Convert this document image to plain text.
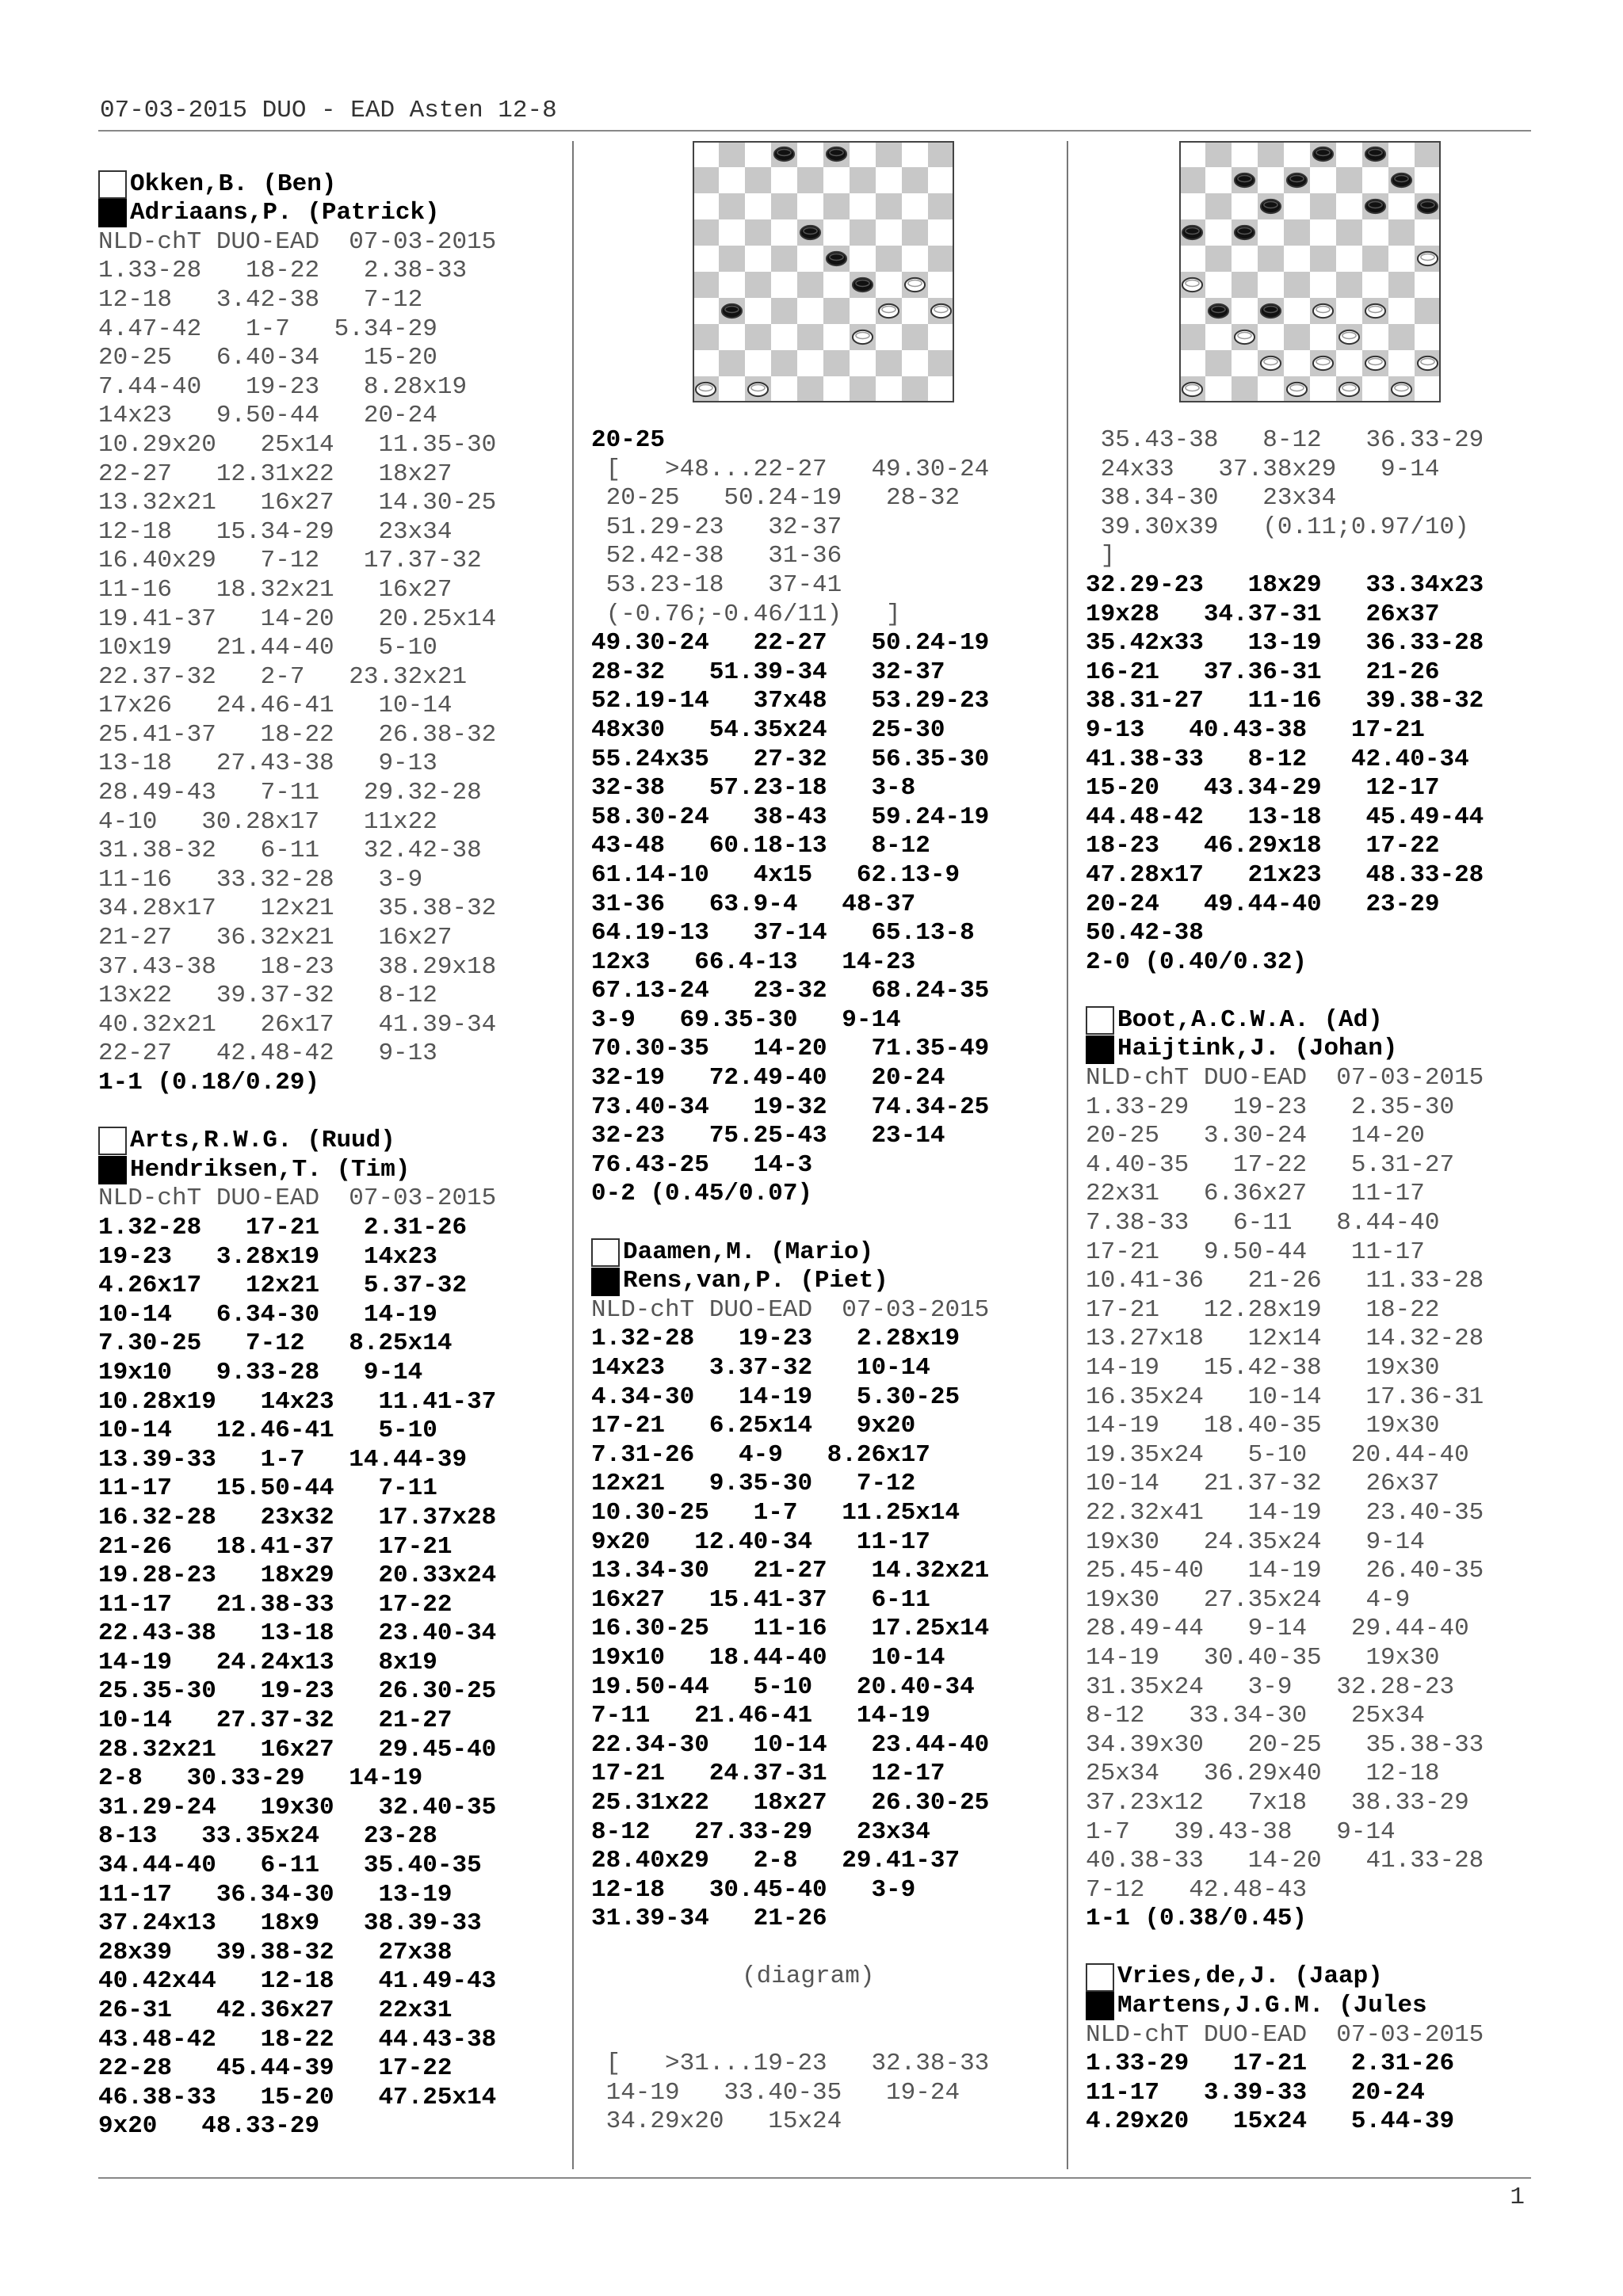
07-03-2015 DUO - EAD Asten 12-8
Okken,B. (Ben)
Adriaans,P. (Patrick)
NLD-chT DUO-EAD  07-03-2015
1.33-28   18-22   2.38-33
12-18   3.42-38   7-12
4.47-42   1-7   5.34-29
20-25   6.40-34   15-20
7.44-40   19-23   8.28x19
14x23   9.50-44   20-24
10.29x20   25x14   11.35-30
22-27   12.31x22   18x27
13.32x21   16x27   14.30-25
12-18   15.34-29   23x34
16.40x29   7-12   17.37-32
11-16   18.32x21   16x27
19.41-37   14-20   20.25x14
10x19   21.44-40   5-10
22.37-32   2-7   23.32x21
17x26   24.46-41   10-14
25.41-37   18-22   26.38-32
13-18   27.43-38   9-13
28.49-43   7-11   29.32-28
4-10   30.28x17   11x22
31.38-32   6-11   32.42-38
11-16   33.32-28   3-9
34.28x17   12x21   35.38-32
21-27   36.32x21   16x27
37.43-38   18-23   38.29x18
13x22   39.37-32   8-12
40.32x21   26x17   41.39-34
22-27   42.48-42   9-13
1-1 (0.18/0.29)
Arts,R.W.G. (Ruud)
Hendriksen,T. (Tim)
NLD-chT DUO-EAD  07-03-2015
1.32-28   17-21   2.31-26
19-23   3.28x19   14x23
4.26x17   12x21   5.37-32
10-14   6.34-30   14-19
7.30-25   7-12   8.25x14
19x10   9.33-28   9-14
10.28x19   14x23   11.41-37
10-14   12.46-41   5-10
13.39-33   1-7   14.44-39
11-17   15.50-44   7-11
16.32-28   23x32   17.37x28
21-26   18.41-37   17-21
19.28-23   18x29   20.33x24
11-17   21.38-33   17-22
22.43-38   13-18   23.40-34
14-19   24.24x13   8x19
25.35-30   19-23   26.30-25
10-14   27.37-32   21-27
28.32x21   16x27   29.45-40
2-8   30.33-29   14-19
31.29-24   19x30   32.40-35
8-13   33.35x24   23-28
34.44-40   6-11   35.40-35
11-17   36.34-30   13-19
37.24x13   18x9   38.39-33
28x39   39.38-32   27x38
40.42x44   12-18   41.49-43
26-31   42.36x27   22x31
43.48-42   18-22   44.43-38
22-28   45.44-39   17-22
46.38-33   15-20   47.25x14
9x20   48.33-29
20-25
[   >48...22-27   49.30-24
20-25   50.24-19   28-32
51.29-23   32-37
52.42-38   31-36
53.23-18   37-41
(-0.76;-0.46/11)   ]
49.30-24   22-27   50.24-19
28-32   51.39-34   32-37
52.19-14   37x48   53.29-23
48x30   54.35x24   25-30
55.24x35   27-32   56.35-30
32-38   57.23-18   3-8
58.30-24   38-43   59.24-19
43-48   60.18-13   8-12
61.14-10   4x15   62.13-9
31-36   63.9-4   48-37
64.19-13   37-14   65.13-8
12x3   66.4-13   14-23
67.13-24   23-32   68.24-35
3-9   69.35-30   9-14
70.30-35   14-20   71.35-49
32-19   72.49-40   20-24
73.40-34   19-32   74.34-25
32-23   75.25-43   23-14
76.43-25   14-3
0-2 (0.45/0.07)
Daamen,M. (Mario)
Rens,van,P. (Piet)
NLD-chT DUO-EAD  07-03-2015
1.32-28   19-23   2.28x19
14x23   3.37-32   10-14
4.34-30   14-19   5.30-25
17-21   6.25x14   9x20
7.31-26   4-9   8.26x17
12x21   9.35-30   7-12
10.30-25   1-7   11.25x14
9x20   12.40-34   11-17
13.34-30   21-27   14.32x21
16x27   15.41-37   6-11
16.30-25   11-16   17.25x14
19x10   18.44-40   10-14
19.50-44   5-10   20.40-34
7-11   21.46-41   14-19
22.34-30   10-14   23.44-40
17-21   24.37-31   12-17
25.31x22   18x27   26.30-25
8-12   27.33-29   23x34
28.40x29   2-8   29.41-37
12-18   30.45-40   3-9
31.39-34   21-26
(diagram)
[   >31...19-23   32.38-33
14-19   33.40-35   19-24
34.29x20   15x24
35.43-38   8-12   36.33-29
24x33   37.38x29   9-14
38.34-30   23x34
39.30x39   (0.11;0.97/10)
]
32.29-23   18x29   33.34x23
19x28   34.37-31   26x37
35.42x33   13-19   36.33-28
16-21   37.36-31   21-26
38.31-27   11-16   39.38-32
9-13   40.43-38   17-21
41.38-33   8-12   42.40-34
15-20   43.34-29   12-17
44.48-42   13-18   45.49-44
18-23   46.29x18   17-22
47.28x17   21x23   48.33-28
20-24   49.44-40   23-29
50.42-38
2-0 (0.40/0.32)
Boot,A.C.W.A. (Ad)
Haijtink,J. (Johan)
NLD-chT DUO-EAD  07-03-2015
1.33-29   19-23   2.35-30
20-25   3.30-24   14-20
4.40-35   17-22   5.31-27
22x31   6.36x27   11-17
7.38-33   6-11   8.44-40
17-21   9.50-44   11-17
10.41-36   21-26   11.33-28
17-21   12.28x19   18-22
13.27x18   12x14   14.32-28
14-19   15.42-38   19x30
16.35x24   10-14   17.36-31
14-19   18.40-35   19x30
19.35x24   5-10   20.44-40
10-14   21.37-32   26x37
22.32x41   14-19   23.40-35
19x30   24.35x24   9-14
25.45-40   14-19   26.40-35
19x30   27.35x24   4-9
28.49-44   9-14   29.44-40
14-19   30.40-35   19x30
31.35x24   3-9   32.28-23
8-12   33.34-30   25x34
34.39x30   20-25   35.38-33
25x34   36.29x40   12-18
37.23x12   7x18   38.33-29
1-7   39.43-38   9-14
40.38-33   14-20   41.33-28
7-12   42.48-43
1-1 (0.38/0.45)
Vries,de,J. (Jaap)
Martens,J.G.M. (Jules
NLD-chT DUO-EAD  07-03-2015
1.33-29   17-21   2.31-26
11-17   3.39-33   20-24
4.29x20   15x24   5.44-39
1
